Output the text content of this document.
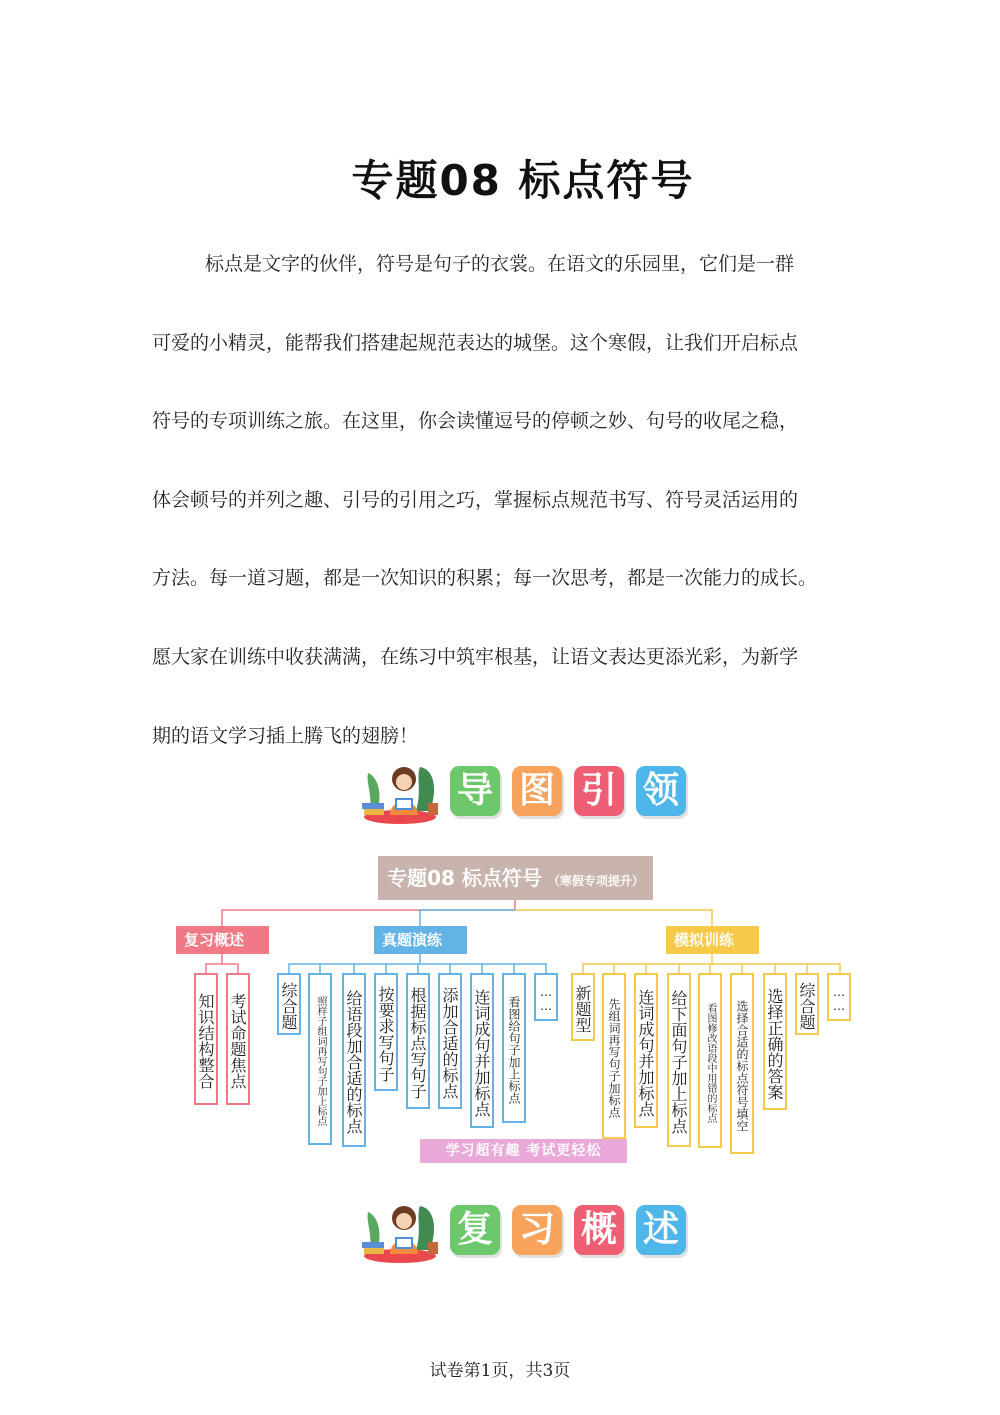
专题08 标点符号
标点是文字的伙伴，符号是句子的衣裳。在语文的乐园里，它们是一群
可爱的小精灵，能帮我们搭建起规范表达的城堡。这个寒假，让我们开启标点
符号的专项训练之旅。在这里，你会读懂逗号的停顿之妙、句号的收尾之稳，
体会顿号的并列之趣、引号的引用之巧，掌握标点规范书写、符号灵活运用的
方法。每一道习题，都是一次知识的积累；每一次思考，都是一次能力的成长。
愿大家在训练中收获满满，在练习中筑牢根基，让语文表达更添光彩，为新学
期的语文学习插上腾飞的翅膀！
导 图 引 领
专题08 标点符号 （寒假专项提升）
复习概述	真题演练	模拟训练
知识结构整合 考试命题焦点 综合题	照样子组词再写句子加上标点	给语段加合适的标点 按要求写句子 根据标点写句子 添加合适的标点 连词成句并加标点	看图给句子加上标点	……	新题型	先组词再写句子加标点 连词成句并加标点 给下面句子加上标点	看图修改语段中用错的标点	选择合适的标点符号填空	选择正确的答案 综合题	……
学习超有趣 考试更轻松
复 习 概 述
试卷第1页，共3页
